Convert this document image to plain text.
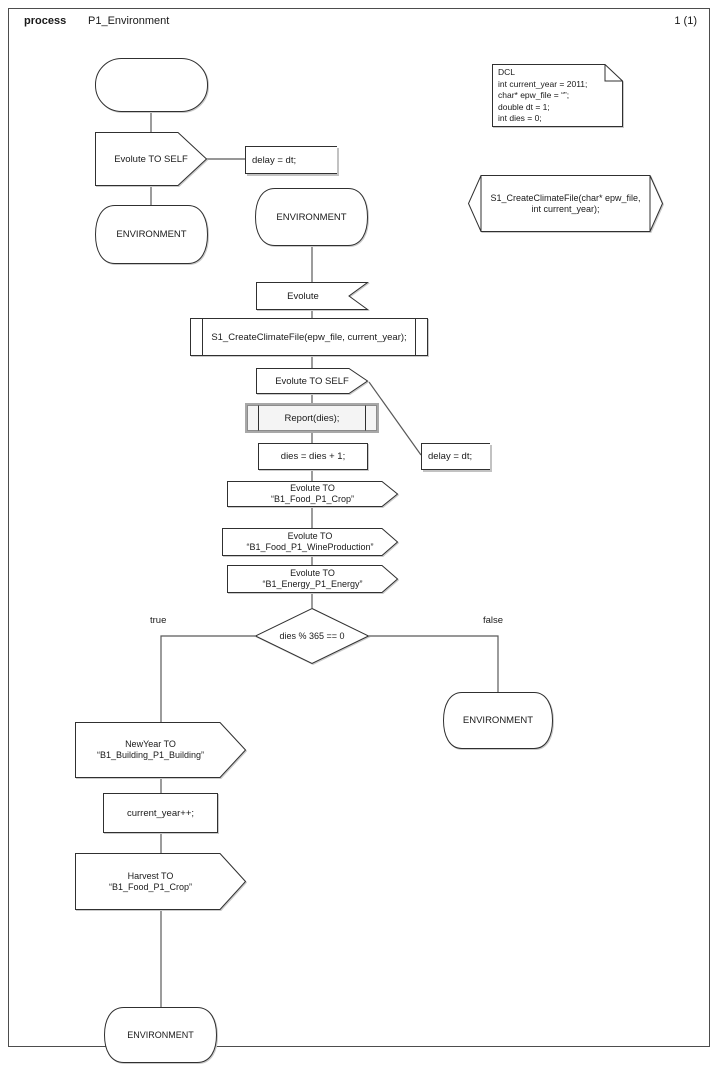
process P1_Environment	1 (1)
Evolute TO SELF	delay = dt;
ENVIRONMENT
ENVIRONMENT
Evolute
S1_CreateClimateFile(epw_file, current_year);
Evolute TO SELF
Report(dies);
delay = dt;
dies = dies + 1;
Evolute TO
“B1_Food_P1_Crop”
Evolute TO
“B1_Food_P1_WineProduction”
Evolute TO
“B1_Energy_P1_Energy”
dies % 365 == 0
true	false
ENVIRONMENT
NewYear TO
“B1_Building_P1_Building”
current_year++;
Harvest TO
“B1_Food_P1_Crop”
ENVIRONMENT
DCL
int current_year = 2011;
char* epw_file = “”;
double dt = 1;
int dies = 0;
S1_CreateClimateFile(char* epw_file,
int current_year);
